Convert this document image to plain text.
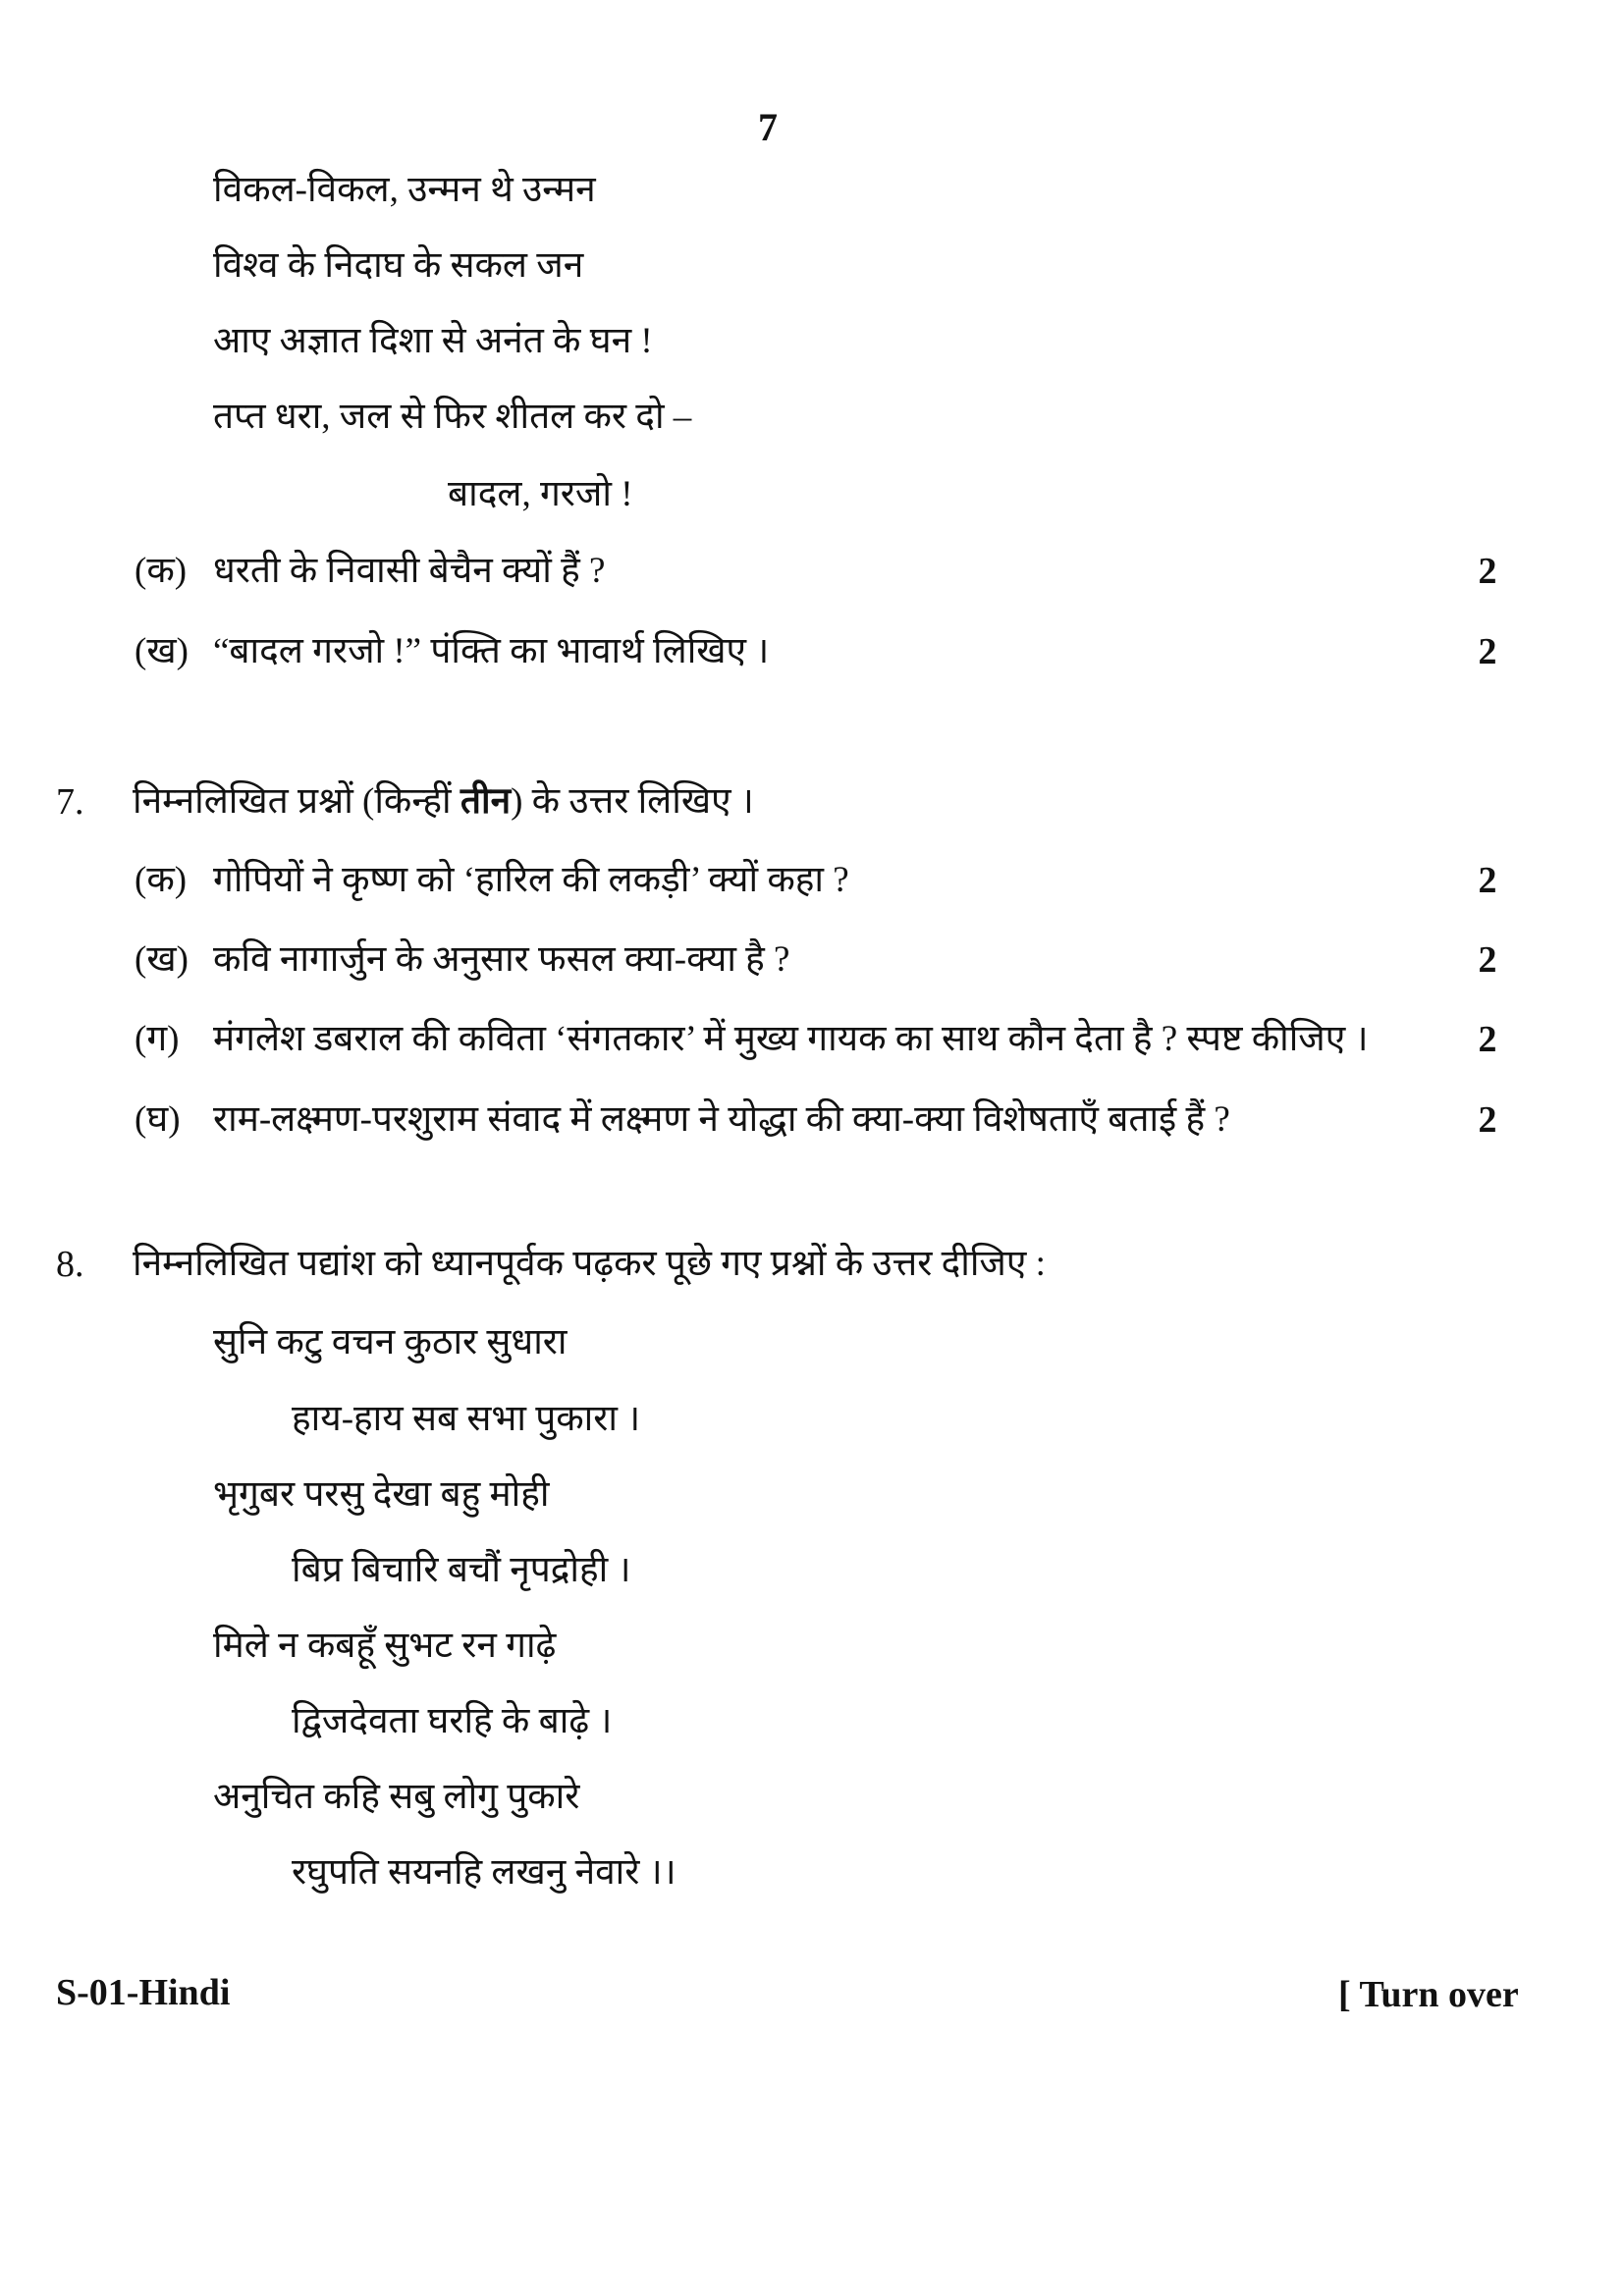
7
विकल-विकल, उन्मन थे उन्मन
विश्व के निदाघ के सकल जन
आए अज्ञात दिशा से अनंत के घन !
तप्त धरा, जल से फिर शीतल कर दो –
बादल, गरजो !
(क) धरती के निवासी बेचैन क्यों हैं ?	2
(ख) “बादल गरजो !” पंक्ति का भावार्थ लिखिए ।	2
7. निम्नलिखित प्रश्नों (किन्हीं तीन) के उत्तर लिखिए ।
(क) गोपियों ने कृष्ण को ‘हारिल की लकड़ी’ क्यों कहा ?	2
(ख) कवि नागार्जुन के अनुसार फसल क्या-क्या है ?	2
(ग) मंगलेश डबराल की कविता ‘संगतकार’ में मुख्य गायक का साथ कौन देता है ? स्पष्ट कीजिए ।	2
(घ) राम-लक्ष्मण-परशुराम संवाद में लक्ष्मण ने योद्धा की क्या-क्या विशेषताएँ बताई हैं ?	2
8. निम्नलिखित पद्यांश को ध्यानपूर्वक पढ़कर पूछे गए प्रश्नों के उत्तर दीजिए :
सुनि कटु वचन कुठार सुधारा
हाय-हाय सब सभा पुकारा ।
भृगुबर परसु देखा बहु मोही
बिप्र बिचारि बचौं नृपद्रोही ।
मिले न कबहूँ सुभट रन गाढ़े
द्विजदेवता घरहि के बाढ़े ।
अनुचित कहि सबु लोगु पुकारे
रघुपति सयनहि लखनु नेवारे ।।
S-01-Hindi	[ Turn over
